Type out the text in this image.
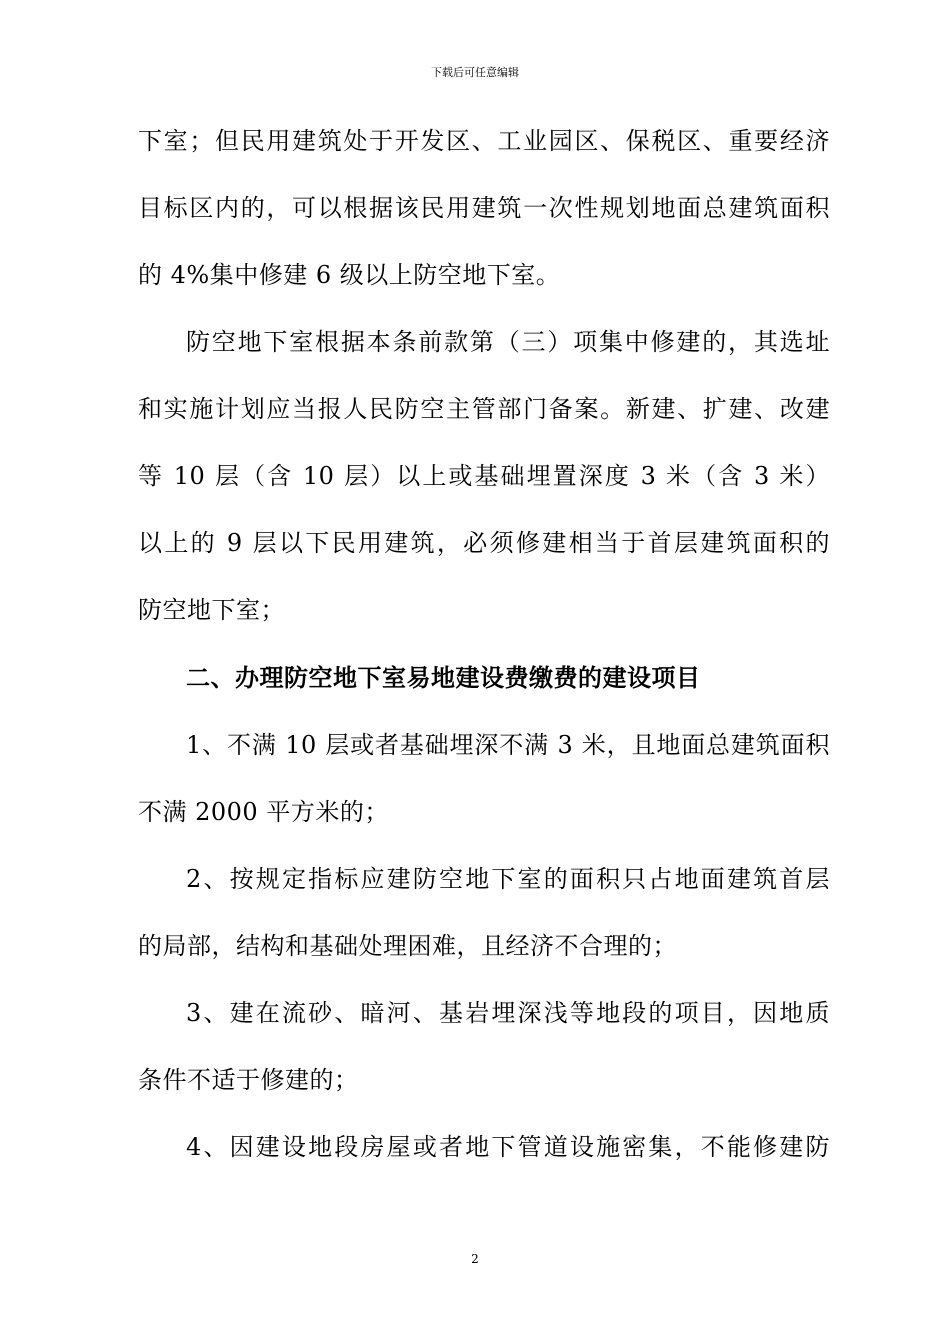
下载后可任意编辑
下室；但民用建筑处于开发区、工业园区、保税区、重要经济
目标区内的，可以根据该民用建筑一次性规划地面总建筑面积
的 4%集中修建 6 级以上防空地下室。
防空地下室根据本条前款第（三）项集中修建的，其选址
和实施计划应当报人民防空主管部门备案。新建、扩建、改建
等 10 层（含 10 层）以上或基础埋置深度 3 米（含 3 米）
以上的 9 层以下民用建筑，必须修建相当于首层建筑面积的
防空地下室；
二、办理防空地下室易地建设费缴费的建设项目
1、不满 10 层或者基础埋深不满 3 米，且地面总建筑面积
不满 2000 平方米的；
2、按规定指标应建防空地下室的面积只占地面建筑首层
的局部，结构和基础处理困难，且经济不合理的；
3、建在流砂、暗河、基岩埋深浅等地段的项目，因地质
条件不适于修建的；
4、因建设地段房屋或者地下管道设施密集，不能修建防
2
